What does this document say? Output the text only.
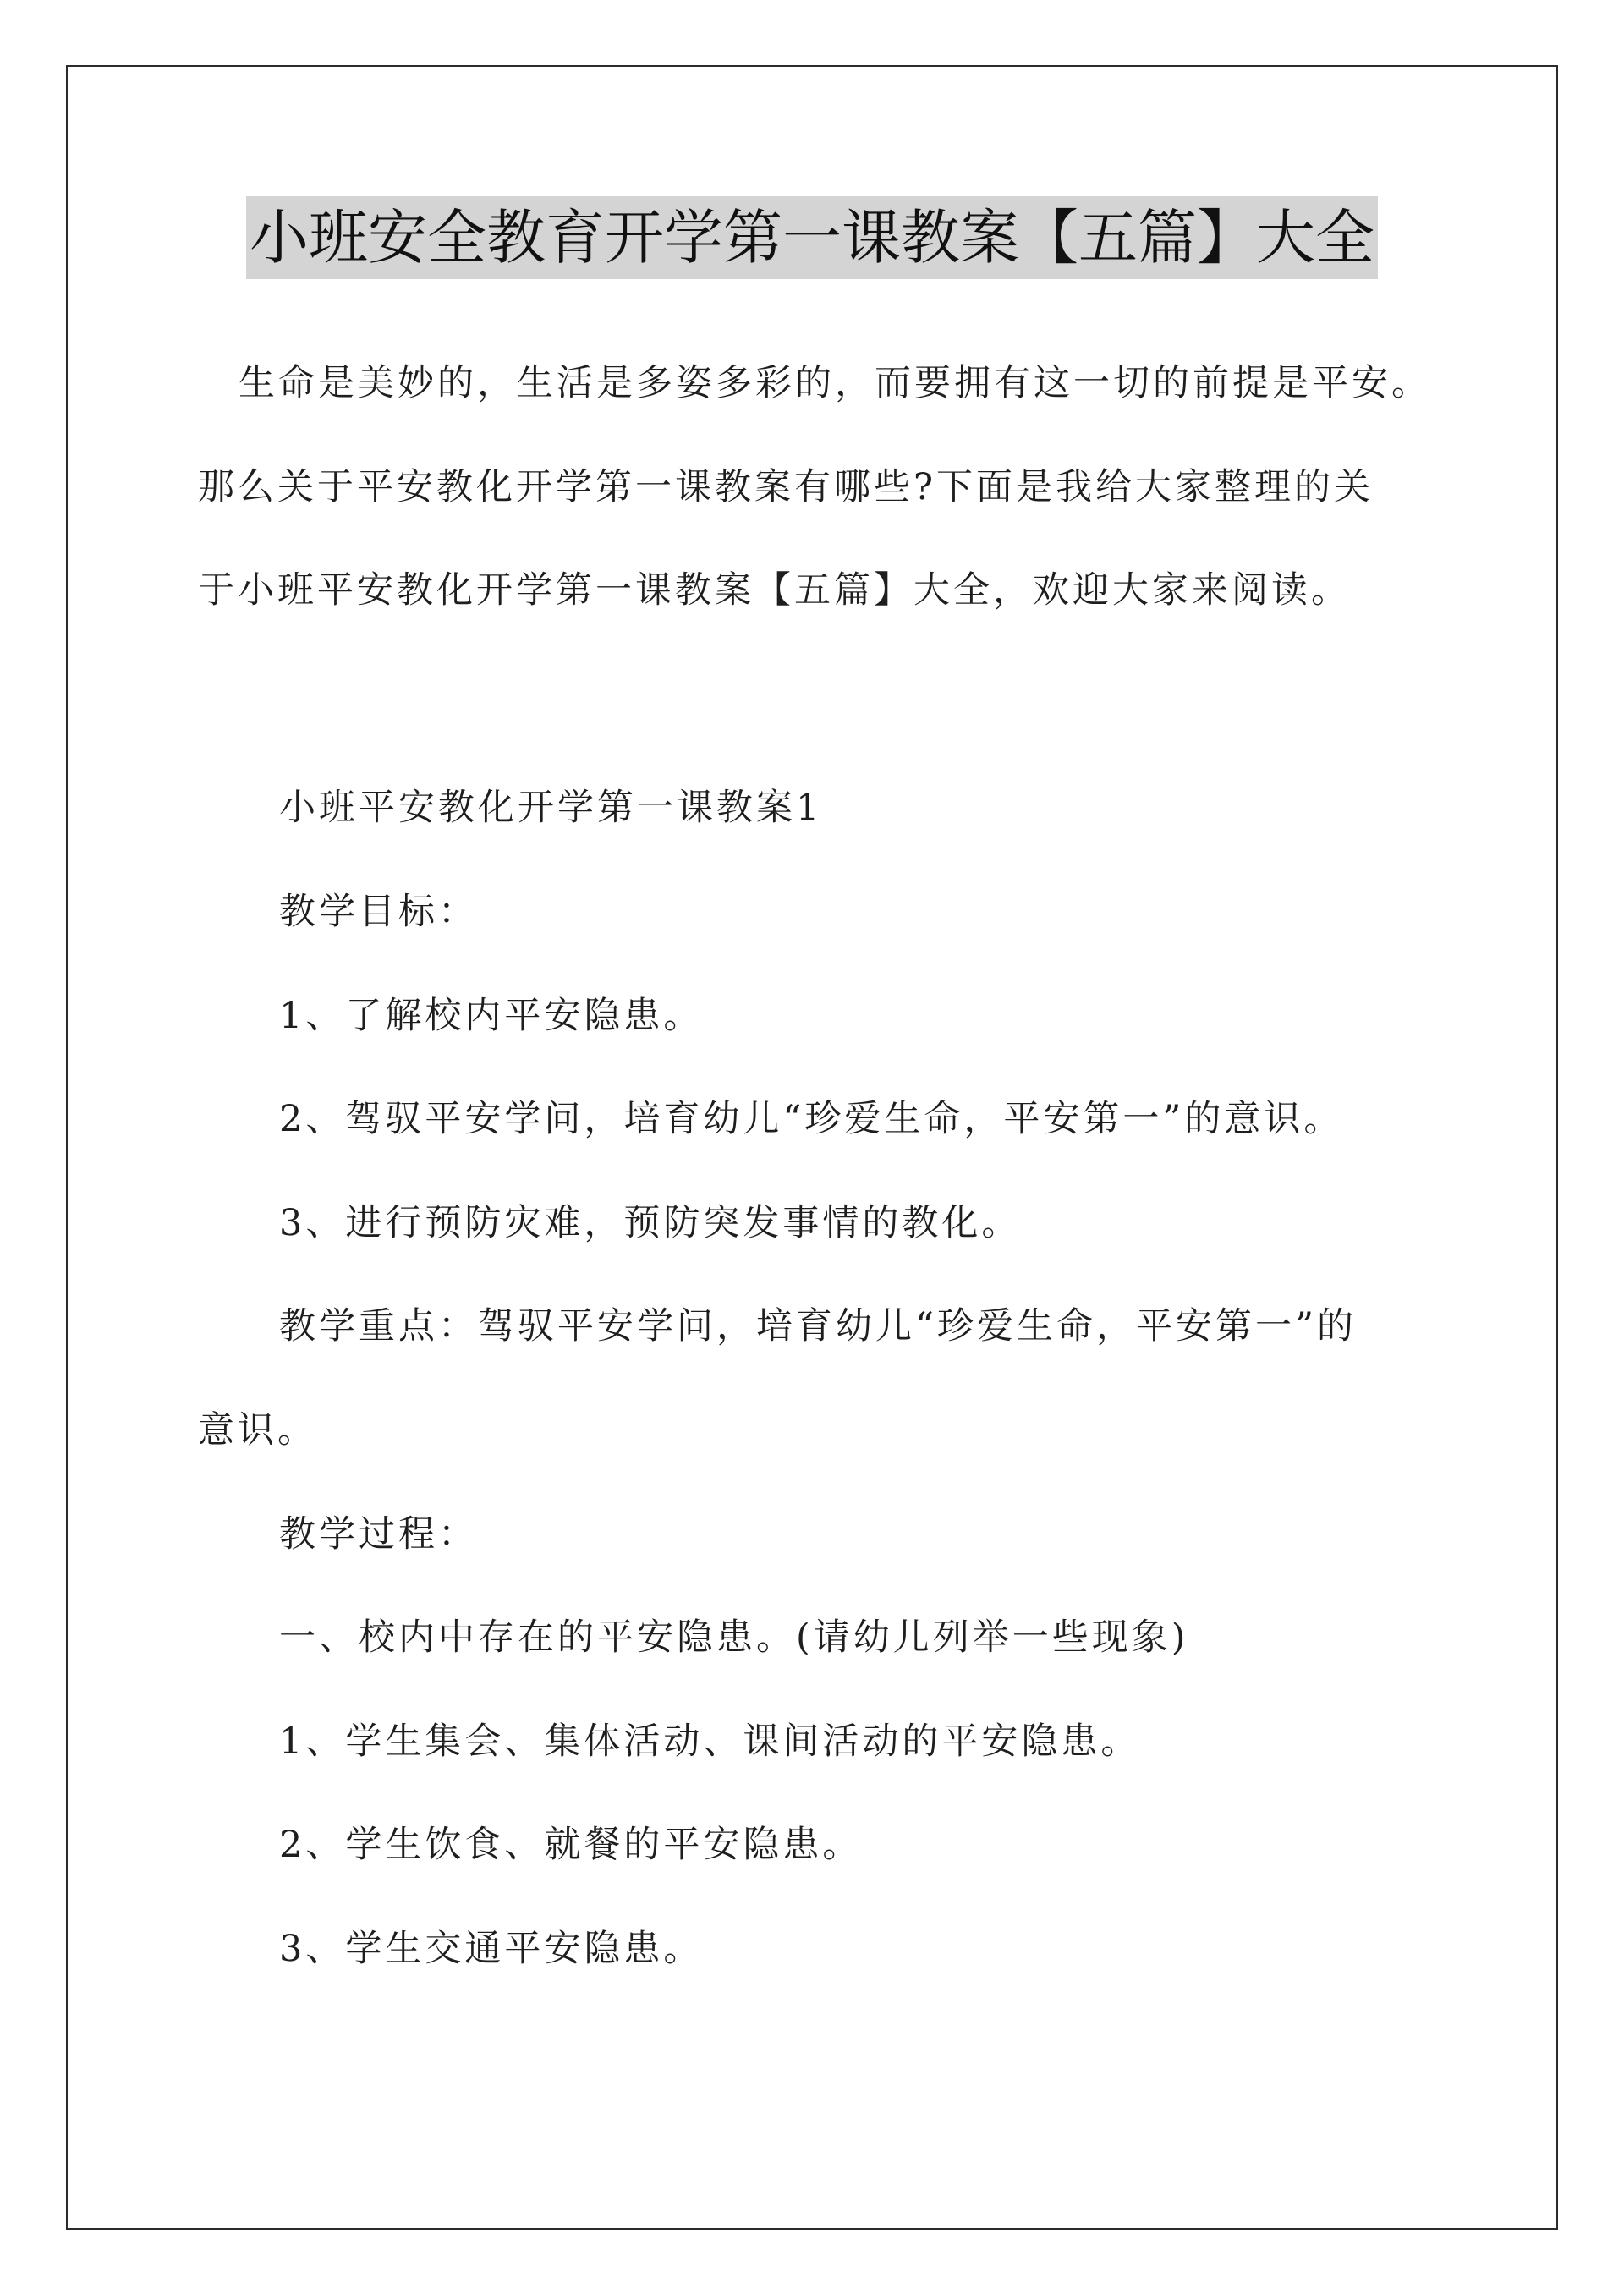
小班安全教育开学第一课教案【五篇】大全
生命是美妙的，生活是多姿多彩的，而要拥有这一切的前提是平安。
那么关于平安教化开学第一课教案有哪些?下面是我给大家整理的关
于小班平安教化开学第一课教案【五篇】大全，欢迎大家来阅读。
小班平安教化开学第一课教案1
教学目标：
1、了解校内平安隐患。
2、驾驭平安学问，培育幼儿“珍爱生命，平安第一”的意识。
3、进行预防灾难，预防突发事情的教化。
教学重点：驾驭平安学问，培育幼儿“珍爱生命，平安第一”的
意识。
教学过程：
一、校内中存在的平安隐患。(请幼儿列举一些现象)
1、学生集会、集体活动、课间活动的平安隐患。
2、学生饮食、就餐的平安隐患。
3、学生交通平安隐患。
